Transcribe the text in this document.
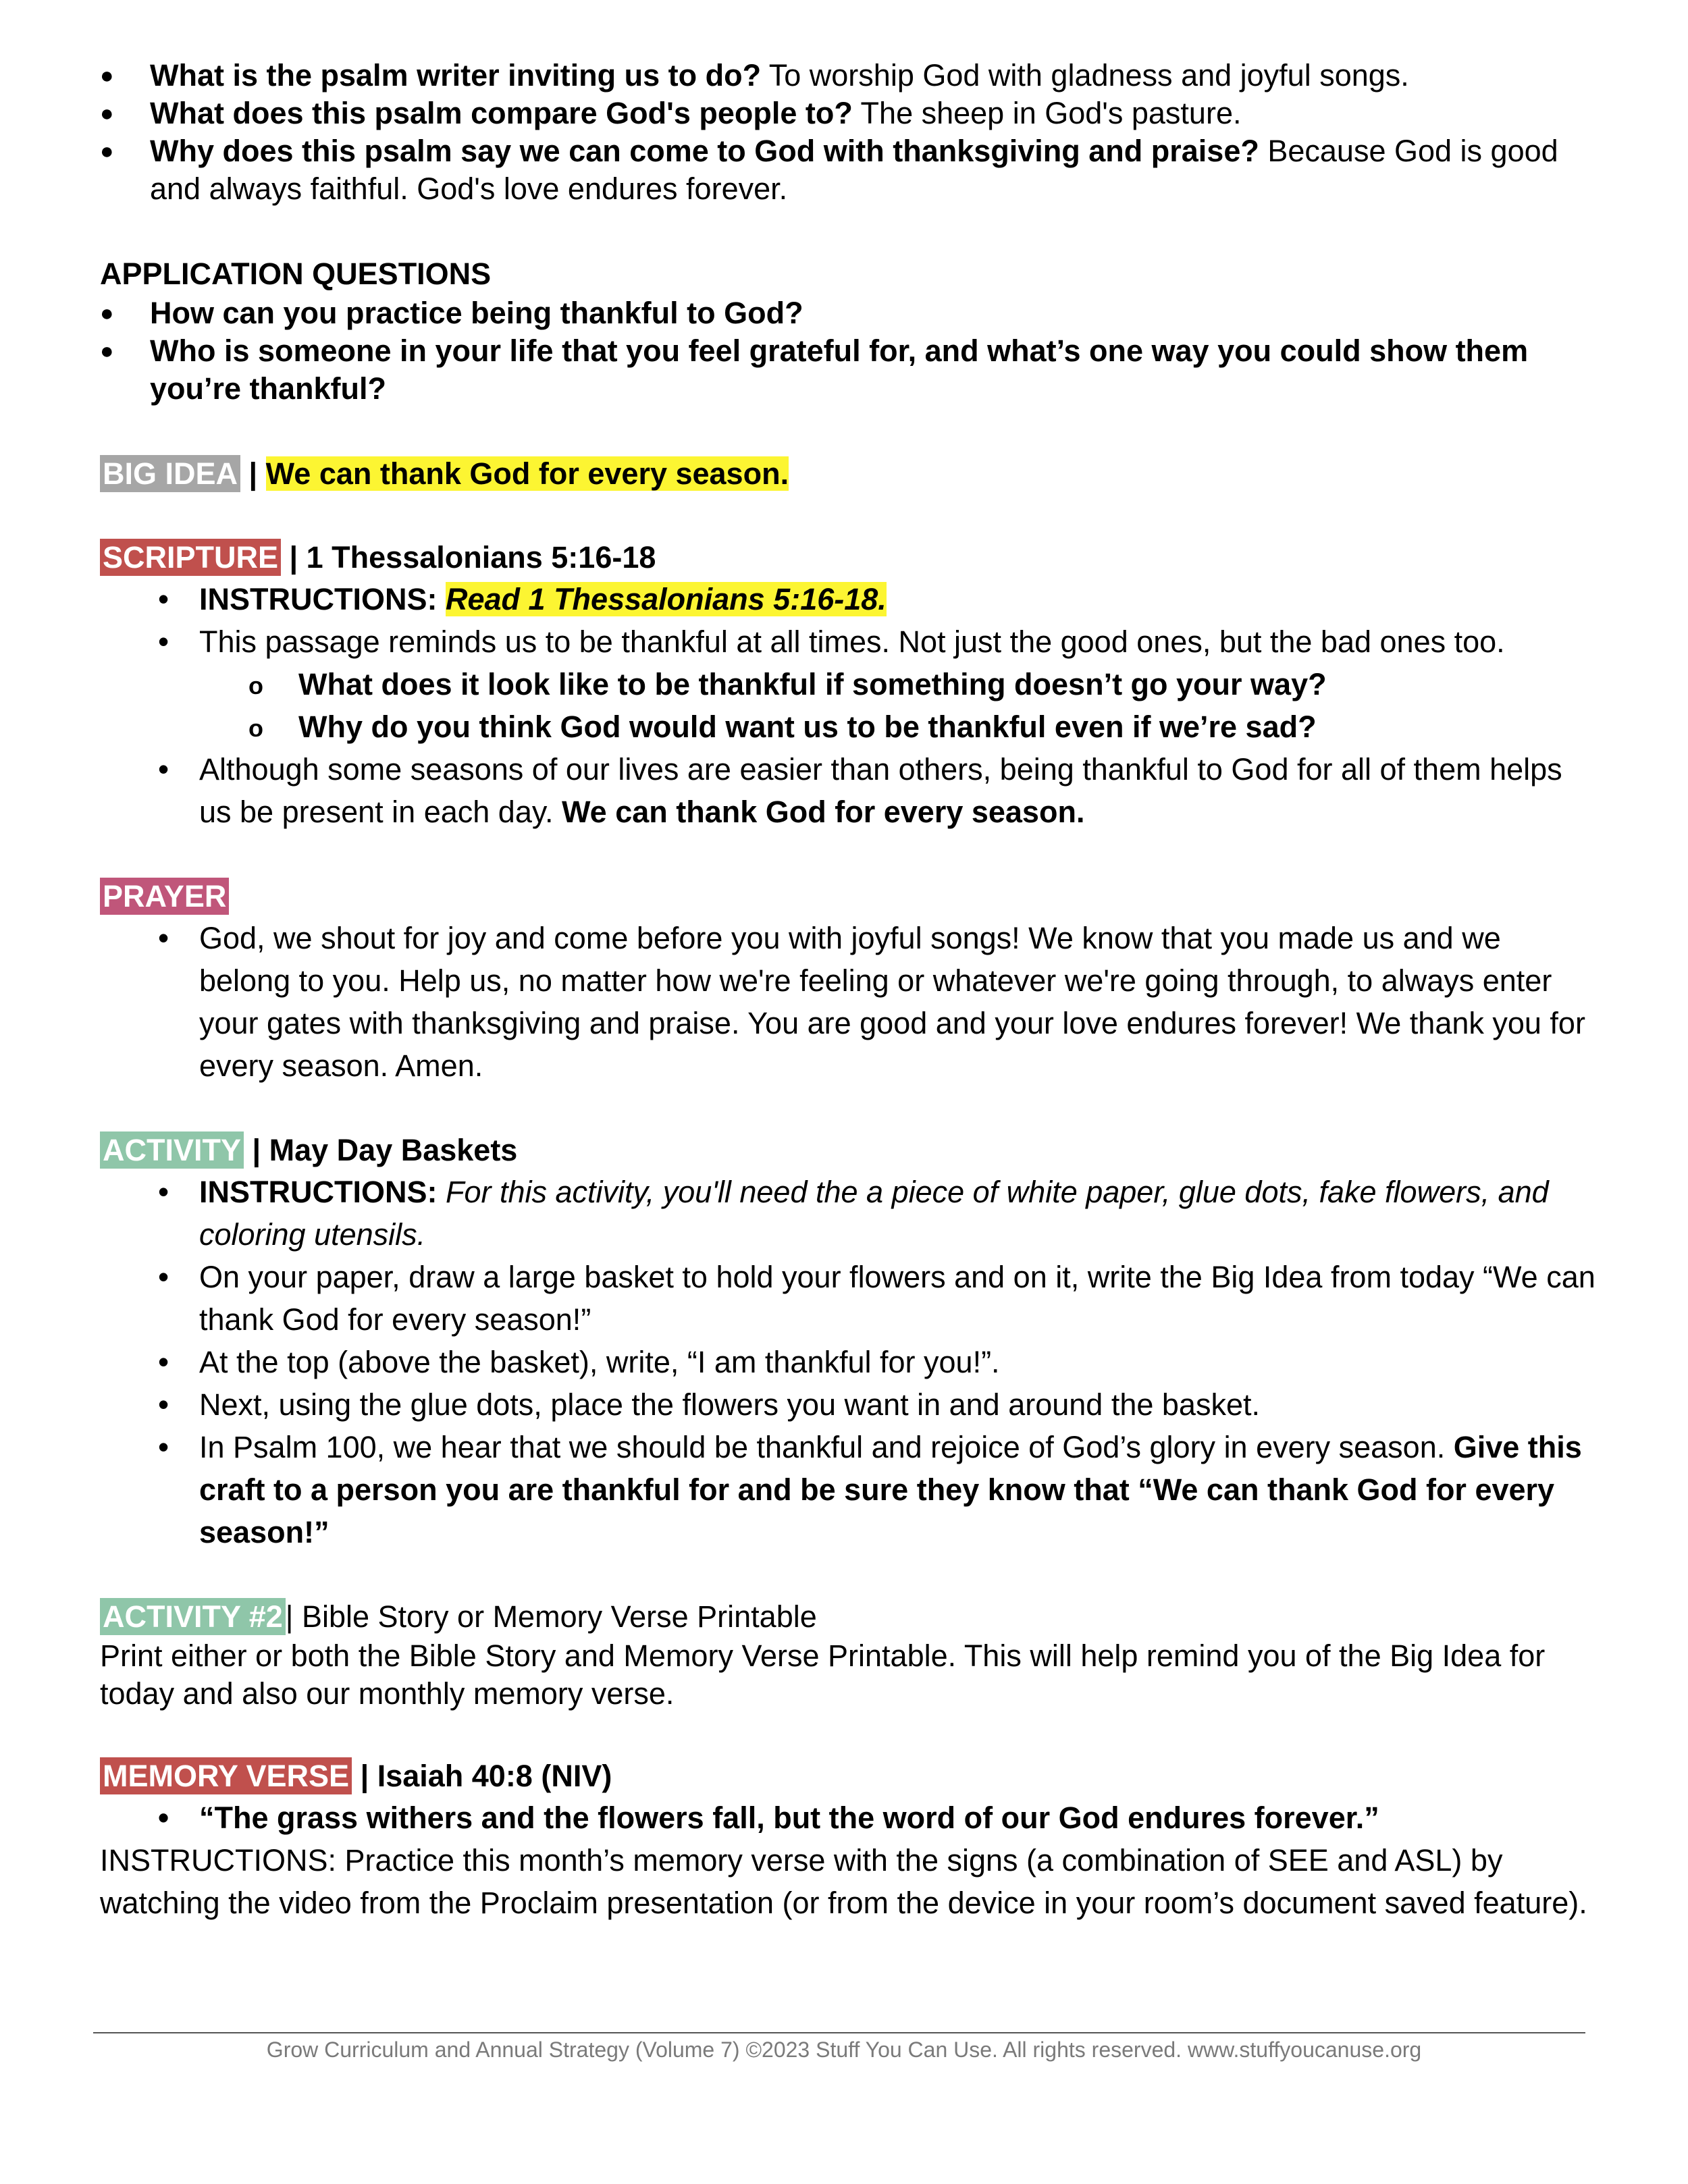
● What is the psalm writer inviting us to do? To worship God with gladness and joyful songs.
● What does this psalm compare God's people to? The sheep in God's pasture.
● Why does this psalm say we can come to God with thanksgiving and praise? Because God is good and always faithful. God's love endures forever.
APPLICATION QUESTIONS
● How can you practice being thankful to God?
● Who is someone in your life that you feel grateful for, and what’s one way you could show them you’re thankful?
BIG IDEA | We can thank God for every season.
SCRIPTURE | 1 Thessalonians 5:16-18
• INSTRUCTIONS: Read 1 Thessalonians 5:16-18.
• This passage reminds us to be thankful at all times. Not just the good ones, but the bad ones too.
o What does it look like to be thankful if something doesn’t go your way?
o Why do you think God would want us to be thankful even if we’re sad?
• Although some seasons of our lives are easier than others, being thankful to God for all of them helps us be present in each day. We can thank God for every season.
PRAYER
• God, we shout for joy and come before you with joyful songs! We know that you made us and we belong to you. Help us, no matter how we're feeling or whatever we're going through, to always enter your gates with thanksgiving and praise. You are good and your love endures forever! We thank you for every season. Amen.
ACTIVITY | May Day Baskets
• INSTRUCTIONS: For this activity, you'll need the a piece of white paper, glue dots, fake flowers, and coloring utensils.
• On your paper, draw a large basket to hold your flowers and on it, write the Big Idea from today “We can thank God for every season!”
• At the top (above the basket), write, “I am thankful for you!”.
• Next, using the glue dots, place the flowers you want in and around the basket.
• In Psalm 100, we hear that we should be thankful and rejoice of God’s glory in every season. Give this craft to a person you are thankful for and be sure they know that “We can thank God for every season!”
ACTIVITY #2| Bible Story or Memory Verse Printable
Print either or both the Bible Story and Memory Verse Printable. This will help remind you of the Big Idea for today and also our monthly memory verse.
MEMORY VERSE | Isaiah 40:8 (NIV)
• “The grass withers and the flowers fall, but the word of our God endures forever.”
INSTRUCTIONS: Practice this month’s memory verse with the signs (a combination of SEE and ASL) by watching the video from the Proclaim presentation (or from the device in your room’s document saved feature).
Grow Curriculum and Annual Strategy (Volume 7) ©2023 Stuff You Can Use. All rights reserved. www.stuffyoucanuse.org
